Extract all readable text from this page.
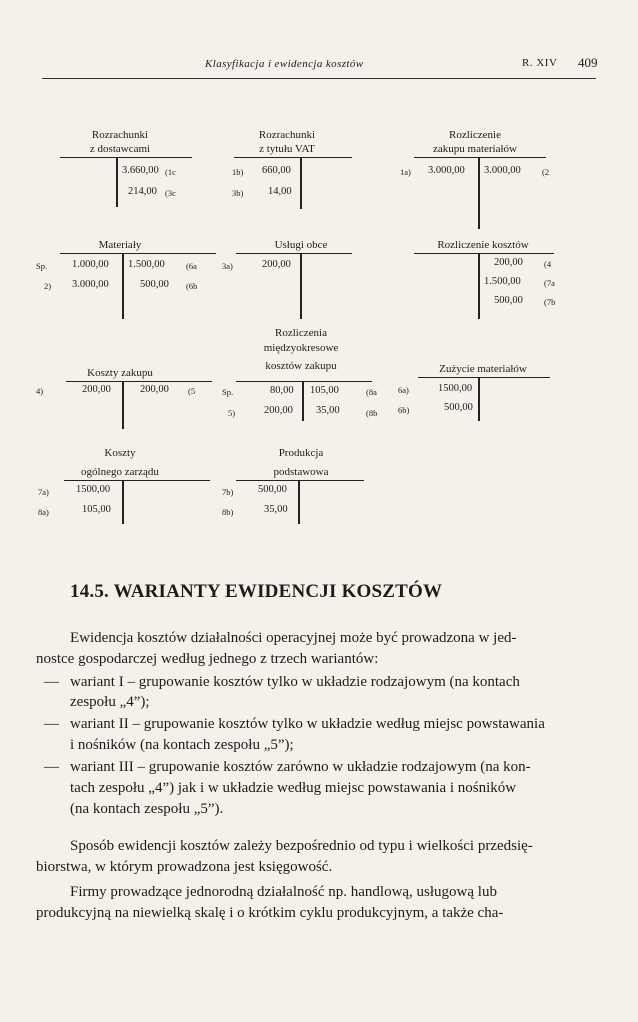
Klasyfikacja i ewidencja kosztów	R. XIV 409
Rozrachunki
z dostawcami
3.660,00 (1c
214,00 (3c
Rozrachunki
z tytułu VAT
1b) 660,00
3b) 14,00
Rozliczenie
zakupu materiałów
1a) 3.000,00 3.000,00	(2
Materiały
Sp. 1.000,00 1.500,00	(6a
2) 3.000,00	500,00 (6b
Usługi obce
3a)	200,00
Rozliczenie kosztów
200,00 (4
1.500,00	(7a
500,00 (7b
Koszty zakupu
4)	200,00	200,00 (5
Rozliczenia
międzyokresowe
kosztów zakupu
Sp.	80,00 105,00	(8a
5)	200,00 35,00	(8b
Zużycie materiałów
6a)	1500,00
6b)	500,00
Koszty
ogólnego zarządu
7a)	1500,00
8a)	105,00
Produkcja
podstawowa
7b) 500,00
8b)	35,00
14.5. WARIANTY EWIDENCJI KOSZTÓW
Ewidencja kosztów działalności operacyjnej może być prowadzona w jed-
nostce gospodarczej według jednego z trzech wariantów:
— wariant I – grupowanie kosztów tylko w układzie rodzajowym (na kontach
zespołu „4”);
— wariant II – grupowanie kosztów tylko w układzie według miejsc powstawania
i nośników (na kontach zespołu „5”);
— wariant III – grupowanie kosztów zarówno w układzie rodzajowym (na kon-
tach zespołu „4”) jak i w układzie według miejsc powstawania i nośników
(na kontach zespołu „5”).
Sposób ewidencji kosztów zależy bezpośrednio od typu i wielkości przedsię-
biorstwa, w którym prowadzona jest księgowość.
Firmy prowadzące jednorodną działalność np. handlową, usługową lub
produkcyjną na niewielką skalę i o krótkim cyklu produkcyjnym, a także cha-
